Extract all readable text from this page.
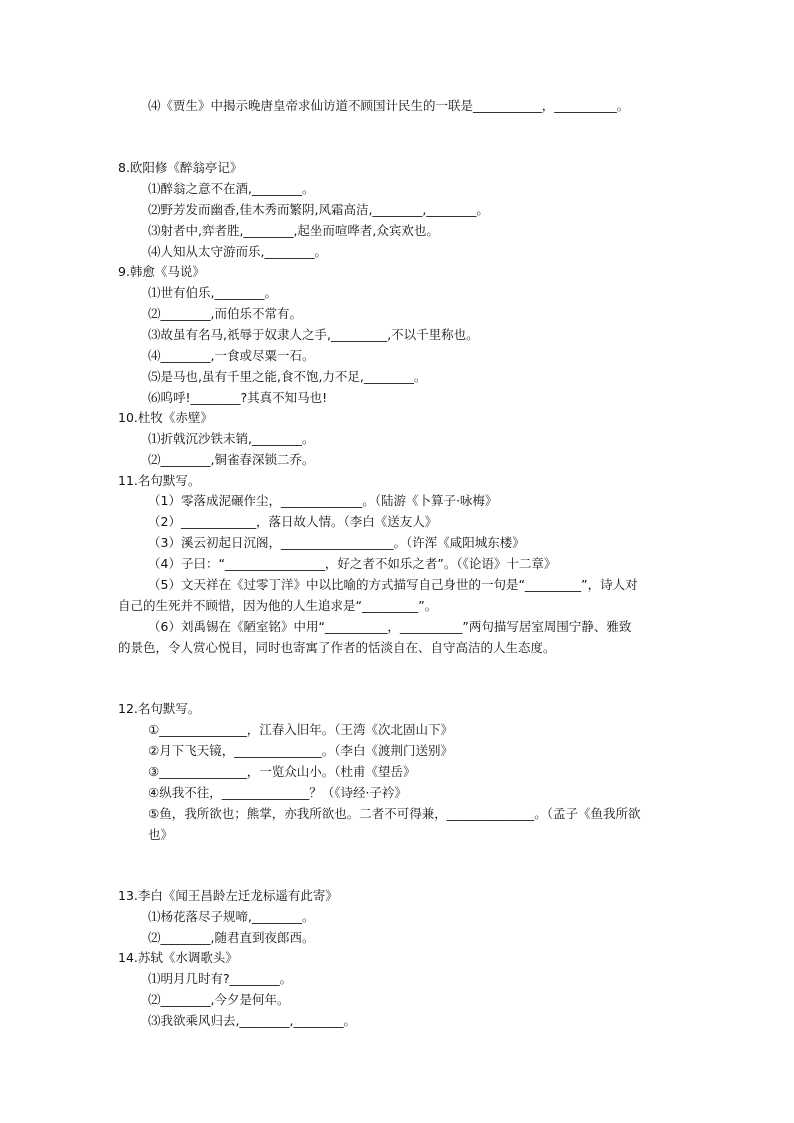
⑷《贾生》中揭示晚唐皇帝求仙访道不顾国计民生的一联是___________，__________。
8.欧阳修《醉翁亭记》
⑴醉翁之意不在酒,________。
⑵野芳发而幽香,佳木秀而繁阴,风霜高洁,________,________。
⑶射者中,弈者胜,________,起坐而喧哗者,众宾欢也。
⑷人知从太守游而乐,________。
9.韩愈《马说》
⑴世有伯乐,________。
⑵________,而伯乐不常有。
⑶故虽有名马,祇辱于奴隶人之手,_________,不以千里称也。
⑷________,一食或尽粟一石。
⑸是马也,虽有千里之能,食不饱,力不足,________。
⑹呜呼!________?其真不知马也!
10.杜牧《赤壁》
⑴折戟沉沙铁未销,________。
⑵________,铜雀春深锁二乔。
11.名句默写。
（1）零落成泥碾作尘，_____________。（陆游《卜算子·咏梅》
（2）____________，落日故人情。（李白《送友人》
（3）溪云初起日沉阁，__________________。（许浑《咸阳城东楼》
（4）子曰：“________________，好之者不如乐之者”。（《论语》十二章》
（5）文天祥在《过零丁洋》中以比喻的方式描写自己身世的一句是“_________”，诗人对
自己的生死并不顾惜，因为他的人生追求是“_________”。
（6）刘禹锡在《陋室铭》中用“__________，__________”两句描写居室周围宁静、雅致
的景色，令人赏心悦目，同时也寄寓了作者的恬淡自在、自守高洁的人生态度。
12.名句默写。
①______________，江春入旧年。（王湾《次北固山下》
②月下飞天镜，______________。（李白《渡荆门送别》
③______________，一览众山小。（杜甫《望岳》
④纵我不往，______________？（《诗经·子衿》
⑤鱼，我所欲也；熊掌，亦我所欲也。二者不可得兼，______________。（孟子《鱼我所欲
也》
13.李白《闻王昌龄左迁龙标遥有此寄》
⑴杨花落尽子规啼,________。
⑵________,随君直到夜郎西。
14.苏轼《水调歌头》
⑴明月几时有?________。
⑵________,今夕是何年。
⑶我欲乘风归去,________,________。
